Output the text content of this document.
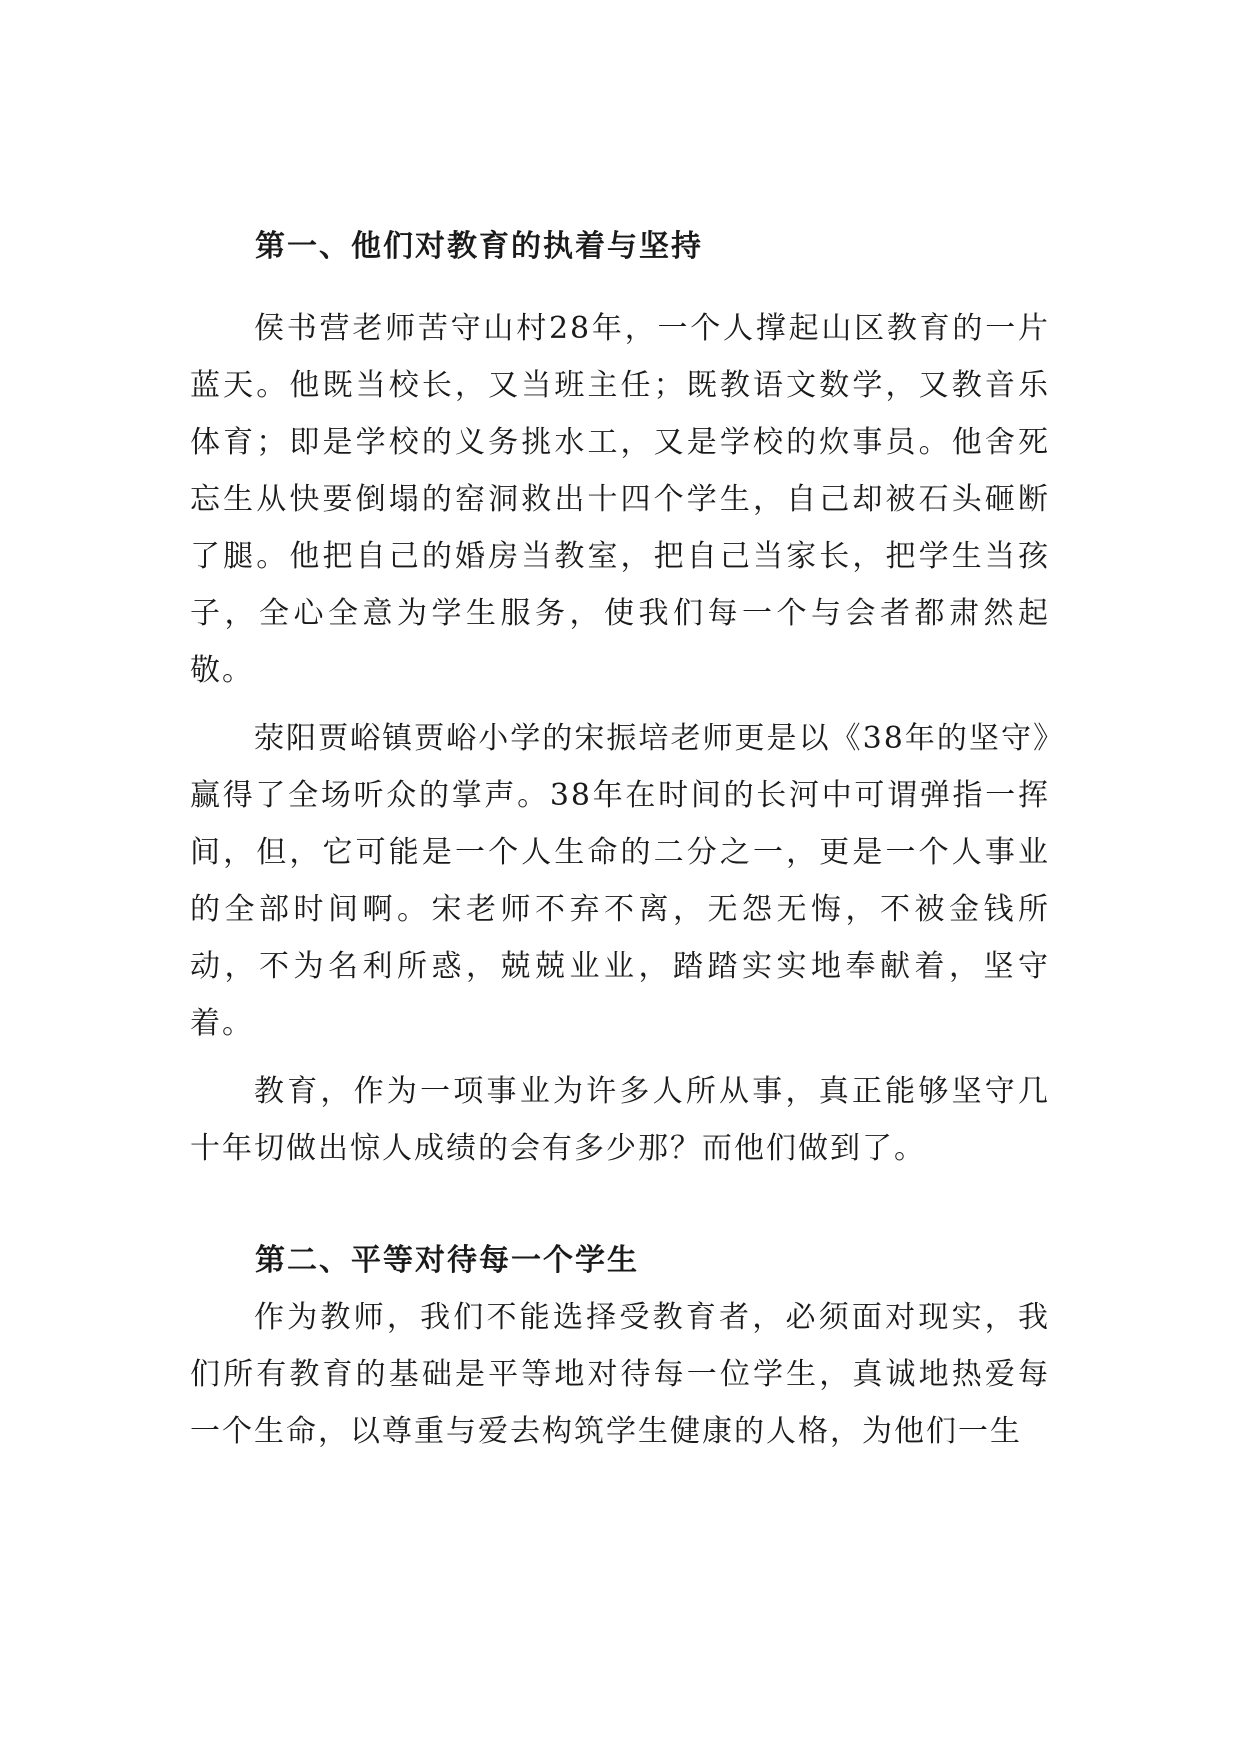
第一、他们对教育的执着与坚持

侯书营老师苦守山村28年，一个人撑起山区教育的一片蓝天。他既当校长，又当班主任；既教语文数学，又教音乐体育；即是学校的义务挑水工，又是学校的炊事员。他舍死忘生从快要倒塌的窑洞救出十四个学生，自己却被石头砸断了腿。他把自己的婚房当教室，把自己当家长，把学生当孩子，全心全意为学生服务，使我们每一个与会者都肃然起敬。

荥阳贾峪镇贾峪小学的宋振培老师更是以《38年的坚守》赢得了全场听众的掌声。38年在时间的长河中可谓弹指一挥间，但，它可能是一个人生命的二分之一，更是一个人事业的全部时间啊。宋老师不弃不离，无怨无悔，不被金钱所动，不为名利所惑，兢兢业业，踏踏实实地奉献着，坚守着。

教育，作为一项事业为许多人所从事，真正能够坚守几十年切做出惊人成绩的会有多少那？而他们做到了。

第二、平等对待每一个学生

作为教师，我们不能选择受教育者，必须面对现实，我们所有教育的基础是平等地对待每一位学生，真诚地热爱每一个生命，以尊重与爱去构筑学生健康的人格，为他们一生
